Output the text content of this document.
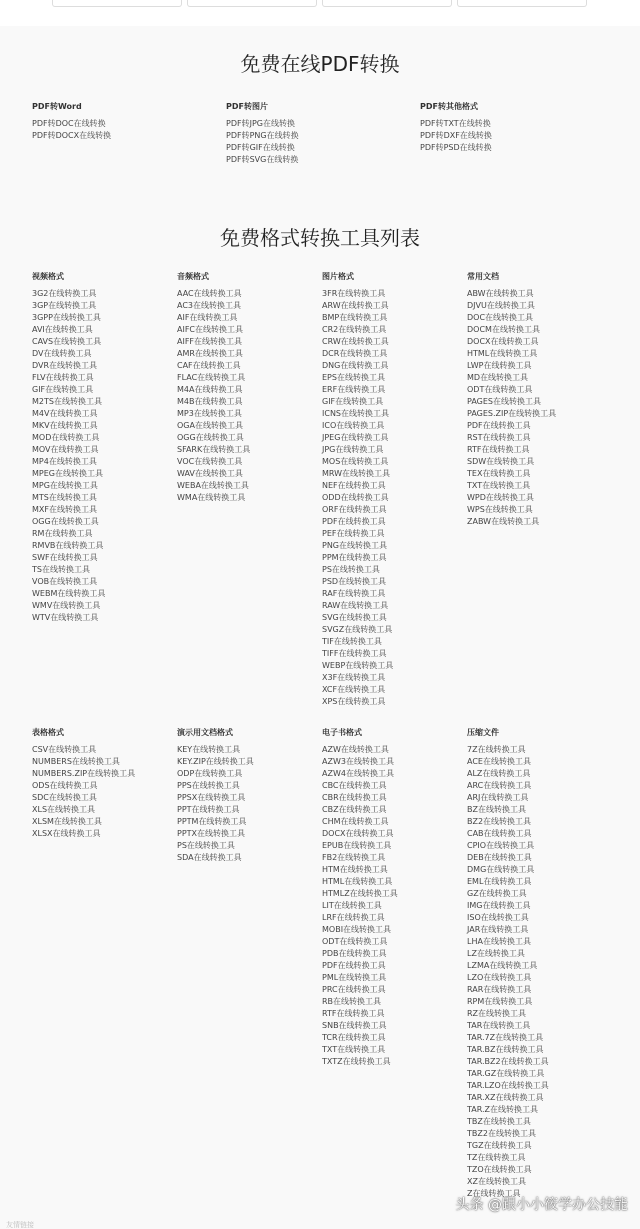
免费在线PDF转换
PDF转Word
PDF转DOC在线转换
PDF转DOCX在线转换
PDF转图片
PDF转JPG在线转换
PDF转PNG在线转换
PDF转GIF在线转换
PDF转SVG在线转换
PDF转其他格式
PDF转TXT在线转换
PDF转DXF在线转换
PDF转PSD在线转换
免费格式转换工具列表
视频格式
3G2在线转换工具
3GP在线转换工具
3GPP在线转换工具
AVI在线转换工具
CAVS在线转换工具
DV在线转换工具
DVR在线转换工具
FLV在线转换工具
GIF在线转换工具
M2TS在线转换工具
M4V在线转换工具
MKV在线转换工具
MOD在线转换工具
MOV在线转换工具
MP4在线转换工具
MPEG在线转换工具
MPG在线转换工具
MTS在线转换工具
MXF在线转换工具
OGG在线转换工具
RM在线转换工具
RMVB在线转换工具
SWF在线转换工具
TS在线转换工具
VOB在线转换工具
WEBM在线转换工具
WMV在线转换工具
WTV在线转换工具
音频格式
AAC在线转换工具
AC3在线转换工具
AIF在线转换工具
AIFC在线转换工具
AIFF在线转换工具
AMR在线转换工具
CAF在线转换工具
FLAC在线转换工具
M4A在线转换工具
M4B在线转换工具
MP3在线转换工具
OGA在线转换工具
OGG在线转换工具
SFARK在线转换工具
VOC在线转换工具
WAV在线转换工具
WEBA在线转换工具
WMA在线转换工具
图片格式
3FR在线转换工具
ARW在线转换工具
BMP在线转换工具
CR2在线转换工具
CRW在线转换工具
DCR在线转换工具
DNG在线转换工具
EPS在线转换工具
ERF在线转换工具
GIF在线转换工具
ICNS在线转换工具
ICO在线转换工具
JPEG在线转换工具
JPG在线转换工具
MOS在线转换工具
MRW在线转换工具
NEF在线转换工具
ODD在线转换工具
ORF在线转换工具
PDF在线转换工具
PEF在线转换工具
PNG在线转换工具
PPM在线转换工具
PS在线转换工具
PSD在线转换工具
RAF在线转换工具
RAW在线转换工具
SVG在线转换工具
SVGZ在线转换工具
TIF在线转换工具
TIFF在线转换工具
WEBP在线转换工具
X3F在线转换工具
XCF在线转换工具
XPS在线转换工具
常用文档
ABW在线转换工具
DJVU在线转换工具
DOC在线转换工具
DOCM在线转换工具
DOCX在线转换工具
HTML在线转换工具
LWP在线转换工具
MD在线转换工具
ODT在线转换工具
PAGES在线转换工具
PAGES.ZIP在线转换工具
PDF在线转换工具
RST在线转换工具
RTF在线转换工具
SDW在线转换工具
TEX在线转换工具
TXT在线转换工具
WPD在线转换工具
WPS在线转换工具
ZABW在线转换工具
表格格式
CSV在线转换工具
NUMBERS在线转换工具
NUMBERS.ZIP在线转换工具
ODS在线转换工具
SDC在线转换工具
XLS在线转换工具
XLSM在线转换工具
XLSX在线转换工具
演示用文档格式
KEY在线转换工具
KEY.ZIP在线转换工具
ODP在线转换工具
PPS在线转换工具
PPSX在线转换工具
PPT在线转换工具
PPTM在线转换工具
PPTX在线转换工具
PS在线转换工具
SDA在线转换工具
电子书格式
AZW在线转换工具
AZW3在线转换工具
AZW4在线转换工具
CBC在线转换工具
CBR在线转换工具
CBZ在线转换工具
CHM在线转换工具
DOCX在线转换工具
EPUB在线转换工具
FB2在线转换工具
HTM在线转换工具
HTML在线转换工具
HTMLZ在线转换工具
LIT在线转换工具
LRF在线转换工具
MOBI在线转换工具
ODT在线转换工具
PDB在线转换工具
PDF在线转换工具
PML在线转换工具
PRC在线转换工具
RB在线转换工具
RTF在线转换工具
SNB在线转换工具
TCR在线转换工具
TXT在线转换工具
TXTZ在线转换工具
压缩文件
7Z在线转换工具
ACE在线转换工具
ALZ在线转换工具
ARC在线转换工具
ARJ在线转换工具
BZ在线转换工具
BZ2在线转换工具
CAB在线转换工具
CPIO在线转换工具
DEB在线转换工具
DMG在线转换工具
EML在线转换工具
GZ在线转换工具
IMG在线转换工具
ISO在线转换工具
JAR在线转换工具
LHA在线转换工具
LZ在线转换工具
LZMA在线转换工具
LZO在线转换工具
RAR在线转换工具
RPM在线转换工具
RZ在线转换工具
TAR在线转换工具
TAR.7Z在线转换工具
TAR.BZ在线转换工具
TAR.BZ2在线转换工具
TAR.GZ在线转换工具
TAR.LZO在线转换工具
TAR.XZ在线转换工具
TAR.Z在线转换工具
TBZ在线转换工具
TBZ2在线转换工具
TGZ在线转换工具
TZ在线转换工具
TZO在线转换工具
XZ在线转换工具
Z在线转换工具
头条 @跟小小筱学办公技能
友情链接
